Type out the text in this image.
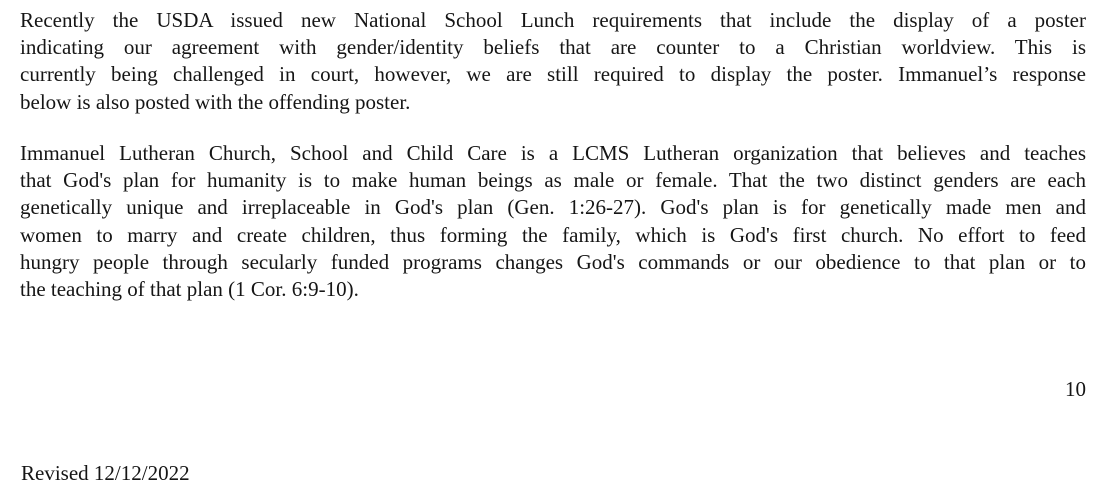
Recently the USDA issued new National School Lunch requirements that include the display of a poster
indicating our agreement with gender/identity beliefs that are counter to a Christian worldview. This is
currently being challenged in court, however, we are still required to display the poster. Immanuel’s response
below is also posted with the offending poster.
Immanuel Lutheran Church, School and Child Care is a LCMS Lutheran organization that believes and teaches
that God's plan for humanity is to make human beings as male or female. That the two distinct genders are each
genetically unique and irreplaceable in God's plan (Gen. 1:26-27). God's plan is for genetically made men and
women to marry and create children, thus forming the family, which is God's first church. No effort to feed
hungry people through secularly funded programs changes God's commands or our obedience to that plan or to
the teaching of that plan (1 Cor. 6:9-10).
10
Revised 12/12/2022
